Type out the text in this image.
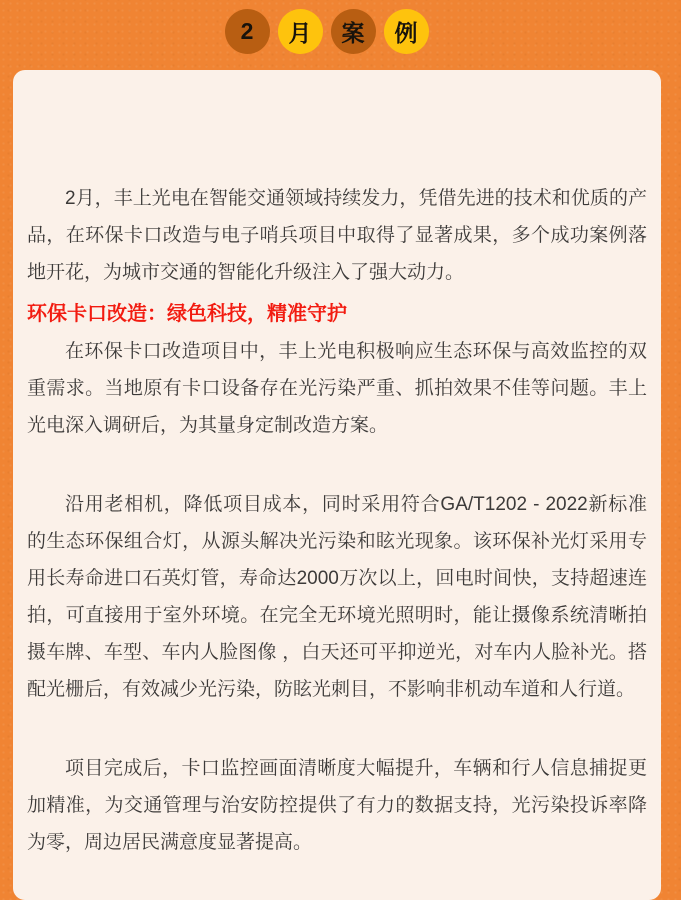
2 月 案 例

2月，丰上光电在智能交通领域持续发力，凭借先进的技术和优质的产品，在环保卡口改造与电子哨兵项目中取得了显著成果，多个成功案例落地开花，为城市交通的智能化升级注入了强大动力。

环保卡口改造：绿色科技，精准守护

在环保卡口改造项目中，丰上光电积极响应生态环保与高效监控的双重需求。当地原有卡口设备存在光污染严重、抓拍效果不佳等问题。丰上光电深入调研后，为其量身定制改造方案。

沿用老相机，降低项目成本，同时采用符合GA/T1202 - 2022新标准的生态环保组合灯，从源头解决光污染和眩光现象。该环保补光灯采用专用长寿命进口石英灯管，寿命达2000万次以上，回电时间快，支持超速连拍，可直接用于室外环境。在完全无环境光照明时，能让摄像系统清晰拍摄车牌、车型、车内人脸图像 ，白天还可平抑逆光，对车内人脸补光。搭配光栅后，有效减少光污染，防眩光刺目，不影响非机动车道和人行道。

项目完成后，卡口监控画面清晰度大幅提升，车辆和行人信息捕捉更加精准，为交通管理与治安防控提供了有力的数据支持，光污染投诉率降为零，周边居民满意度显著提高。
